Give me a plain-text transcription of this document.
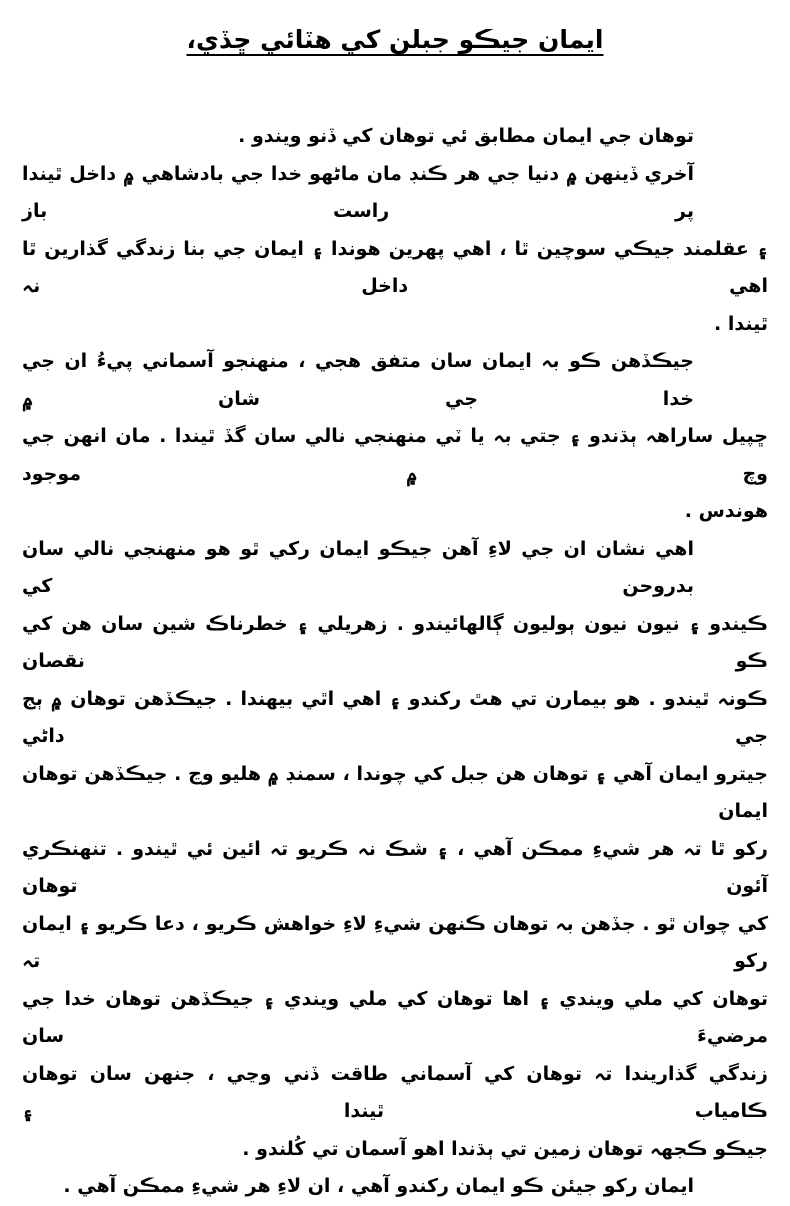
ايمان جيڪو جبلن کي هٽائي ڇڏي،

توهان جي ايمان مطابق ئي توهان کي ڏنو ويندو .

آخري ڏينهن ۾ دنيا جي هر ڪنڊ مان ماڻهو خدا جي بادشاهي ۾ داخل ٿيندا پر راست باز
۽ عقلمند جيڪي سوچين ٿا ، اهي پهرين هوندا ۽ ايمان جي بنا زندگي گذارين ٿا اهي داخل نہ
ٿيندا .

جيڪڏهن ڪو بہ ايمان سان متفق هجي ، منهنجو آسماني پيءُ ان جي خدا جي شان ۾
ڇپيل ساراهہ ٻڌندو ۽ جتي بہ يا ٽي منهنجي نالي سان گڏ ٿيندا . مان انهن جي وچ ۾ موجود
هوندس .

اهي نشان ان جي لاءِ آهن جيڪو ايمان رکي ٿو هو منهنجي نالي سان بدروحن کي
ڪيندو ۽ نيون نيون ٻوليون ڳالهائيندو . زهريلي ۽ خطرناڪ شين سان هن کي ڪو نقصان
ڪونہ ٿيندو . هو بيمارن تي هٿ رکندو ۽ اهي اٿي بيهندا . جيڪڏهن توهان ۾ ٻج جي داڻي
جيترو ايمان آهي ۽ توهان هن جبل کي چوندا ، سمنڊ ۾ هليو وڃ . جيڪڏهن توهان ايمان
رکو ٿا تہ هر شيءِ ممڪن آهي ، ۽ شڪ نہ ڪريو تہ ائين ئي ٿيندو . تنهنڪري آئون توهان
کي چوان ٿو . جڏهن بہ توهان ڪنهن شيءِ لاءِ خواهش ڪريو ، دعا ڪريو ۽ ايمان رکو تہ
توهان کي ملي ويندي ۽ اها توهان کي ملي ويندي ۽ جيڪڏهن توهان خدا جي مرضيءَ سان
زندگي گذاريندا تہ توهان کي آسماني طاقت ڏني وڃي ، جنهن سان توهان ڪامياب ٿيندا ۽
جيڪو ڪجهہ توهان زمين تي ٻڌندا اهو آسمان تي کُلندو .

ايمان رکو جيئن ڪو ايمان رکندو آهي ، ان لاءِ هر شيءِ ممڪن آهي .
